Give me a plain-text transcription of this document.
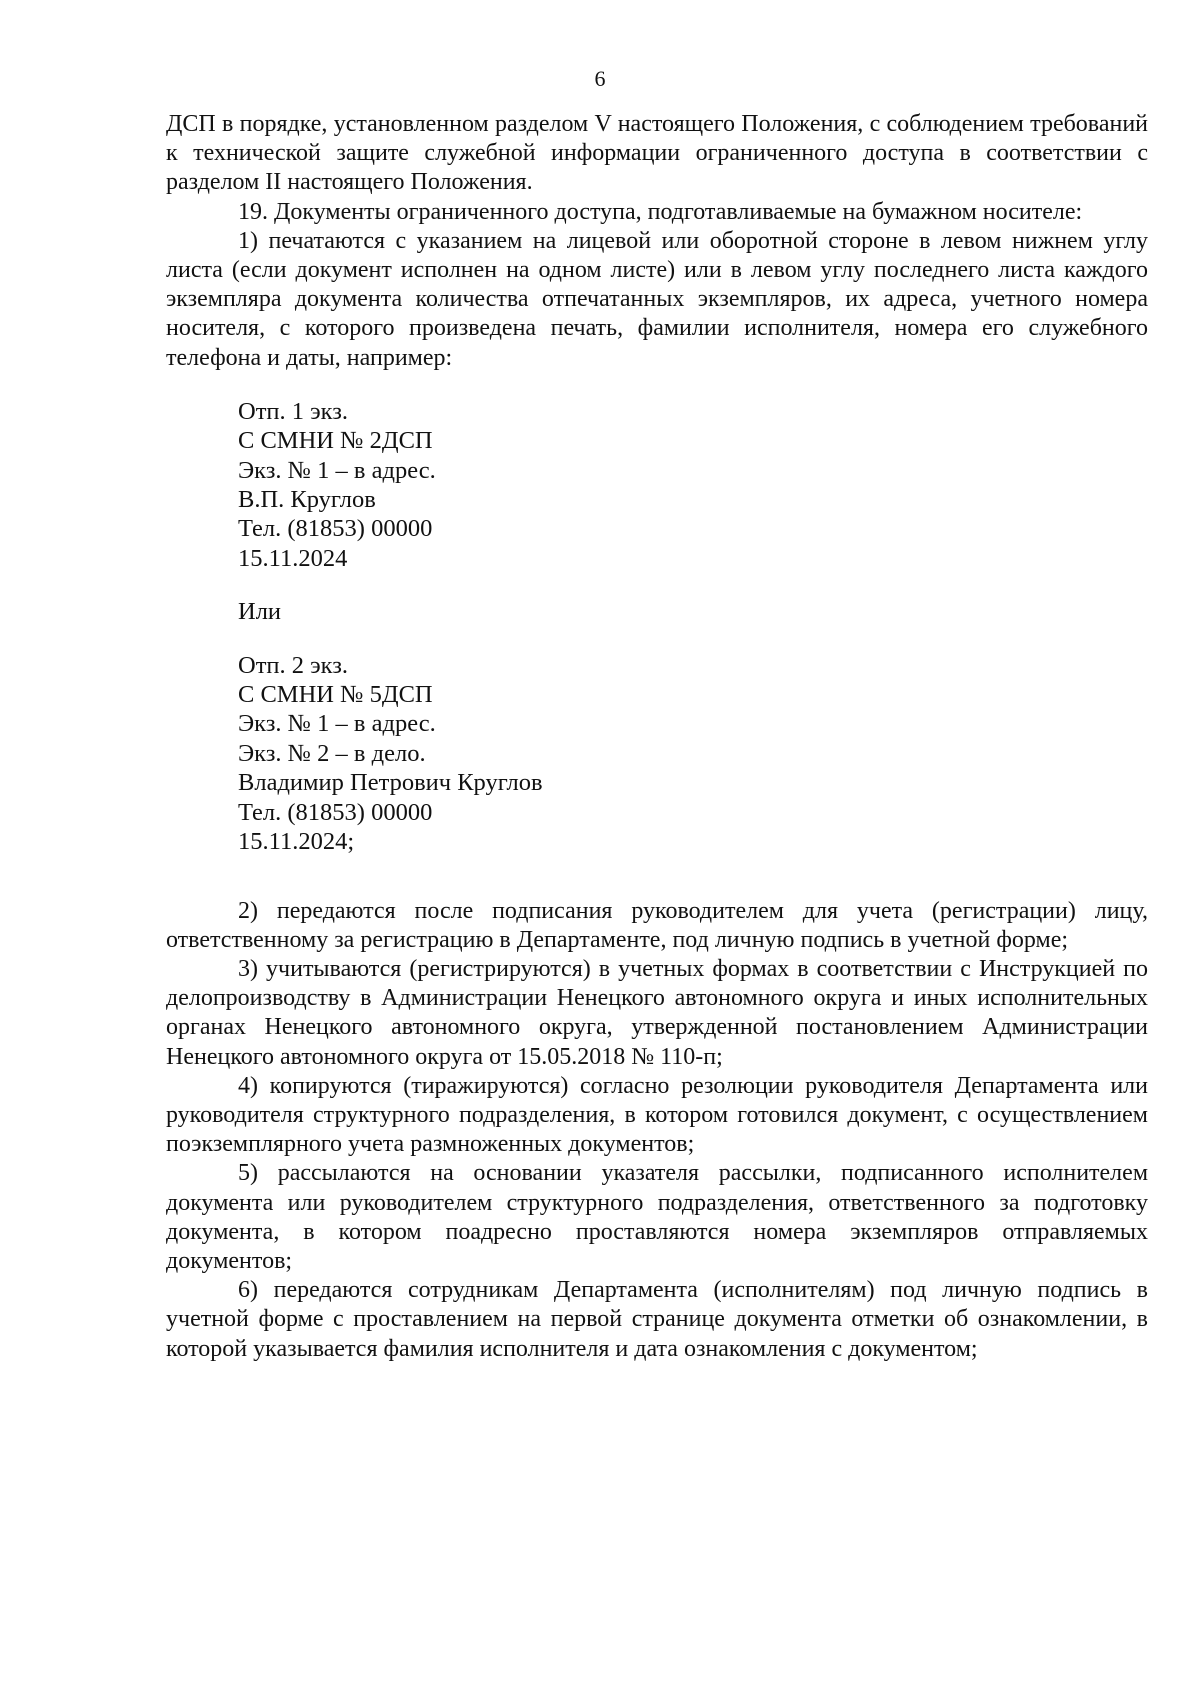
6

ДСП в порядке, установленном разделом V настоящего Положения, с соблюдением требований к технической защите служебной информации ограниченного доступа в соответствии с разделом II настоящего Положения.

19. Документы ограниченного доступа, подготавливаемые на бумажном носителе:

1) печатаются с указанием на лицевой или оборотной стороне в левом нижнем углу листа (если документ исполнен на одном листе) или в левом углу последнего листа каждого экземпляра документа количества отпечатанных экземпляров, их адреса, учетного номера носителя, с которого произведена печать, фамилии исполнителя, номера его служебного телефона и даты, например:

Отп. 1 экз.
С СМНИ № 2ДСП
Экз. № 1 – в адрес.
В.П. Круглов
Тел. (81853) 00000
15.11.2024
Или
Отп. 2 экз.
С СМНИ № 5ДСП
Экз. № 1 – в адрес.
Экз. № 2 – в дело.
Владимир Петрович Круглов
Тел. (81853) 00000
15.11.2024;

2) передаются после подписания руководителем для учета (регистрации) лицу, ответственному за регистрацию в Департаменте, под личную подпись в учетной форме;

3) учитываются (регистрируются) в учетных формах в соответствии с Инструкцией по делопроизводству в Администрации Ненецкого автономного округа и иных исполнительных органах Ненецкого автономного округа, утвержденной постановлением Администрации Ненецкого автономного округа от 15.05.2018 № 110-п;

4) копируются (тиражируются) согласно резолюции руководителя Департамента или руководителя структурного подразделения, в котором готовился документ, с осуществлением поэкземплярного учета размноженных документов;

5) рассылаются на основании указателя рассылки, подписанного исполнителем документа или руководителем структурного подразделения, ответственного за подготовку документа, в котором поадресно проставляются номера экземпляров отправляемых документов;

6) передаются сотрудникам Департамента (исполнителям) под личную подпись в учетной форме с проставлением на первой странице документа отметки об ознакомлении, в которой указывается фамилия исполнителя и дата ознакомления с документом;
